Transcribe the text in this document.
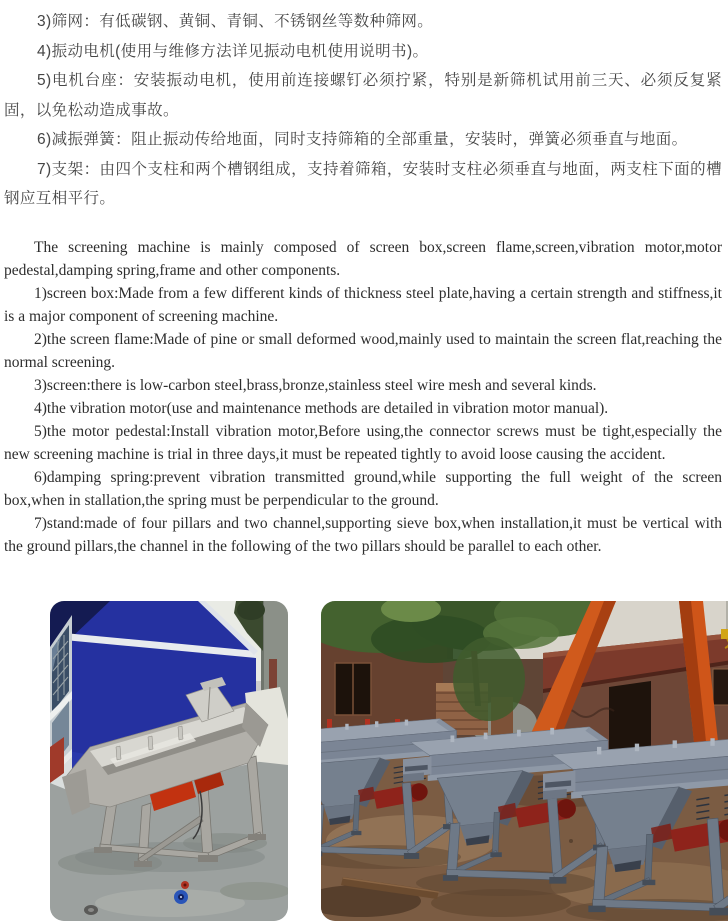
3)筛网：有低碳钢、黄铜、青铜、不锈钢丝等数种筛网。

4)振动电机(使用与维修方法详见振动电机使用说明书)。

5)电机台座：安装振动电机，使用前连接螺钉必须拧紧，特别是新筛机试用前三天、必须反复紧固，以免松动造成事故。

6)减振弹簧：阻止振动传给地面，同时支持筛箱的全部重量，安装时，弹簧必须垂直与地面。

7)支架：由四个支柱和两个槽钢组成，支持着筛箱，安装时支柱必须垂直与地面，两支柱下面的槽钢应互相平行。

The screening machine is mainly composed of screen box,screen flame,screen,vibration motor,motor pedestal,damping spring,frame and other components.

1)screen box:Made from a few different kinds of thickness steel plate,having a certain strength and stiffness,it is a major component of screening machine.

2)the screen flame:Made of pine or small deformed wood,mainly used to maintain the screen flat,reaching the normal screening.

3)screen:there is low-carbon steel,brass,bronze,stainless steel wire mesh and several kinds.

4)the vibration motor(use and maintenance methods are detailed in vibration motor manual).

5)the motor pedestal:Install vibration motor,Before using,the connector screws must be tight,especially the new screening machine is trial in three days,it must be repeated tightly to avoid loose causing the accident.

6)damping spring:prevent vibration transmitted ground,while supporting the full weight of the screen box,when in stallation,the spring must be perpendicular to the ground.

7)stand:made of four pillars and two channel,supporting sieve box,when installation,it must be vertical with the ground pillars,the channel in the following of the two pillars should be parallel to each other.
